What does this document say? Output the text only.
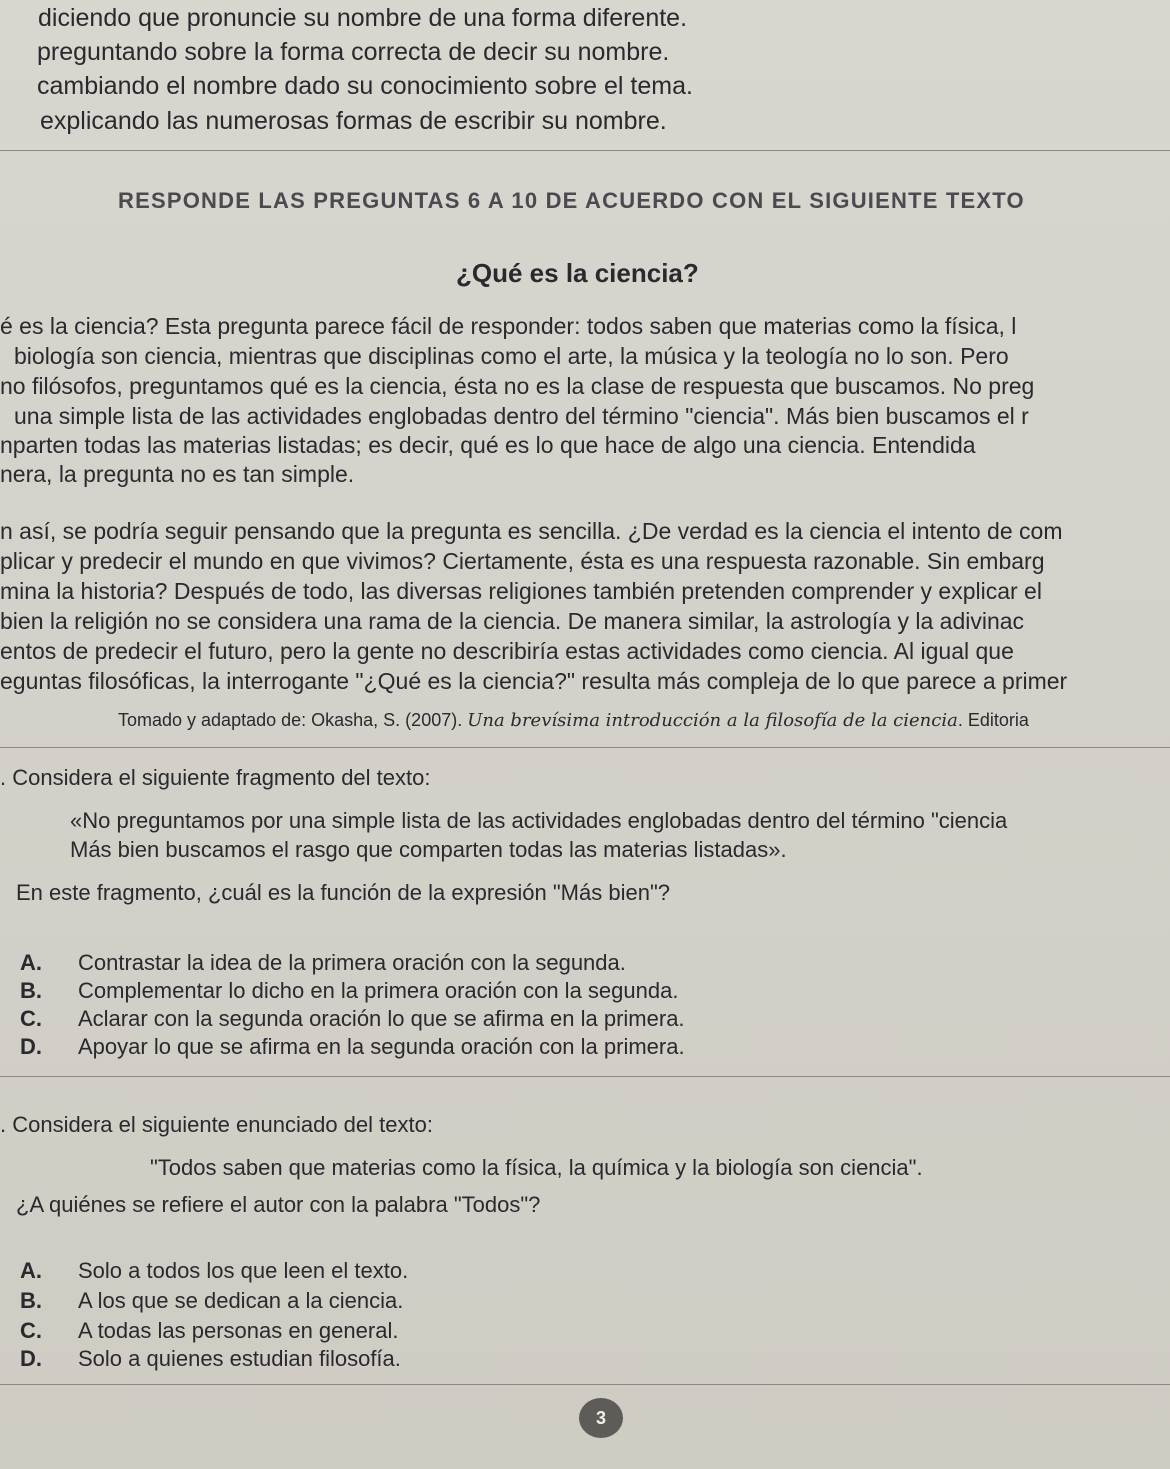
diciendo que pronuncie su nombre de una forma diferente.
preguntando sobre la forma correcta de decir su nombre.
cambiando el nombre dado su conocimiento sobre el tema.
explicando las numerosas formas de escribir su nombre.
RESPONDE LAS PREGUNTAS 6 A 10 DE ACUERDO CON EL SIGUIENTE TEXTO
¿Qué es la ciencia?
é es la ciencia? Esta pregunta parece fácil de responder: todos saben que materias como la física, l
biología son ciencia, mientras que disciplinas como el arte, la música y la teología no lo son. Pero
no filósofos, preguntamos qué es la ciencia, ésta no es la clase de respuesta que buscamos. No preg
una simple lista de las actividades englobadas dentro del término "ciencia". Más bien buscamos el r
nparten todas las materias listadas; es decir, qué es lo que hace de algo una ciencia. Entendida
nera, la pregunta no es tan simple.
n así, se podría seguir pensando que la pregunta es sencilla. ¿De verdad es la ciencia el intento de com
plicar y predecir el mundo en que vivimos? Ciertamente, ésta es una respuesta razonable. Sin embarg
mina la historia? Después de todo, las diversas religiones también pretenden comprender y explicar el
bien la religión no se considera una rama de la ciencia. De manera similar, la astrología y la adivinac
entos de predecir el futuro, pero la gente no describiría estas actividades como ciencia. Al igual que
eguntas filosóficas, la interrogante "¿Qué es la ciencia?" resulta más compleja de lo que parece a primer
Tomado y adaptado de: Okasha, S. (2007). Una brevísima introducción a la filosofía de la ciencia. Editoria
. Considera el siguiente fragmento del texto:
«No preguntamos por una simple lista de las actividades englobadas dentro del término "ciencia
Más bien buscamos el rasgo que comparten todas las materias listadas».
En este fragmento, ¿cuál es la función de la expresión "Más bien"?
A. Contrastar la idea de la primera oración con la segunda.
B. Complementar lo dicho en la primera oración con la segunda.
C. Aclarar con la segunda oración lo que se afirma en la primera.
D. Apoyar lo que se afirma en la segunda oración con la primera.
. Considera el siguiente enunciado del texto:
"Todos saben que materias como la física, la química y la biología son ciencia".
¿A quiénes se refiere el autor con la palabra "Todos"?
A. Solo a todos los que leen el texto.
B. A los que se dedican a la ciencia.
C. A todas las personas en general.
D. Solo a quienes estudian filosofía.
3
